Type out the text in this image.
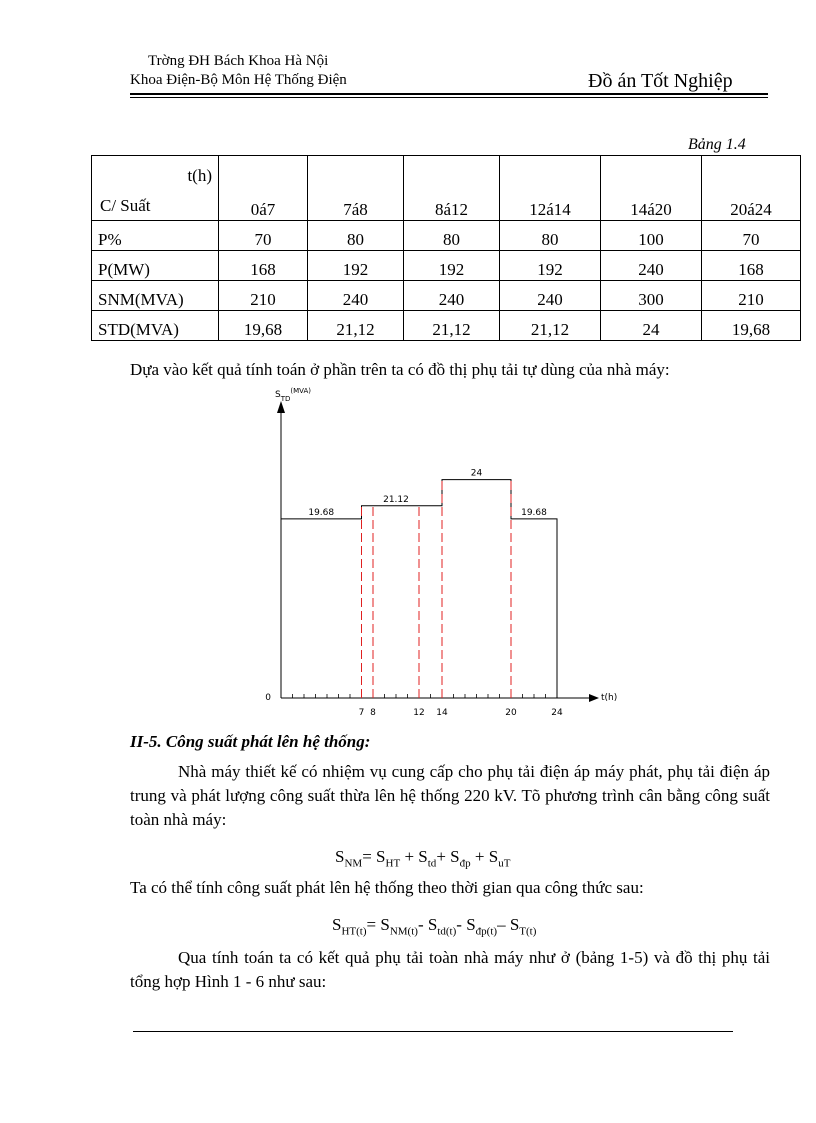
Trờng ĐH Bách Khoa Hà Nội
Khoa Điện-Bộ Môn Hệ Thống Điện	Đồ án Tốt Nghiệp
Bảng 1.4
t(h)
C/ Suất	0á7	7á8	8á12	12á14	14á20	20á24
P%	70	80	80	80	100	70
P(MW)	168	192	192	192	240	168
SNM(MVA)	210	240	240	240	300	210
STD(MVA)	19,68	21,12	21,12	21,12	24	19,68
Dựa vào kết quả tính toán ở phần trên ta có đồ thị phụ tải tự dùng của nhà máy:
$S_{TD}^{(MVA)}$
t(h)
0
19.68
21.12
24
19.68
7 8	12 14	20	24
II-5. Công suất phát lên hệ thống:
Nhà máy thiết kế có nhiệm vụ cung cấp cho phụ tải điện áp máy phát, phụ tải điện áp trung và phát lượng công suất thừa lên hệ thống 220 kV. Tõ phương trình cân bằng công suất toàn nhà máy:
$S_{NM}= S_{HT} + S_{td}+ S_{đp} + S_{uT}$
Ta có thể tính công suất phát lên hệ thống theo thời gian qua công thức sau:
$S_{HT(t)}= S_{NM(t)}-$ $S_{td(t)}-$ $S_{đp(t)}-$ $S_{T(t)}$
Qua tính toán ta có kết quả phụ tải toàn nhà máy như ở (bảng 1-5) và đồ thị phụ tải tổng hợp Hình 1 - 6 như sau:
